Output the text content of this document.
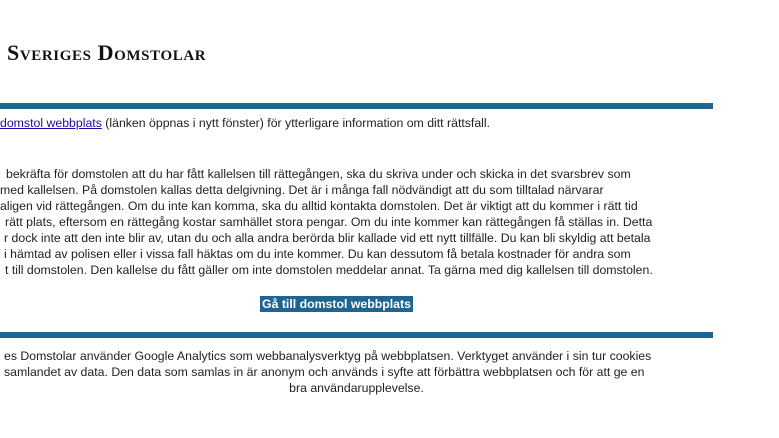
Sveriges Domstolar
domstol webbplats (länken öppnas i nytt fönster) för ytterligare information om ditt rättsfall.
bekräfta för domstolen att du har fått kallelsen till rättegången, ska du skriva under och skicka in det svarsbrev som
med kallelsen. På domstolen kallas detta delgivning. Det är i många fall nödvändigt att du som tilltalad närvarar
aligen vid rättegången. Om du inte kan komma, ska du alltid kontakta domstolen. Det är viktigt att du kommer i rätt tid
rätt plats, eftersom en rättegång kostar samhället stora pengar. Om du inte kommer kan rättegången få ställas in. Detta
r dock inte att den inte blir av, utan du och alla andra berörda blir kallade vid ett nytt tillfälle. Du kan bli skyldig att betala
i hämtad av polisen eller i vissa fall häktas om du inte kommer. Du kan dessutom få betala kostnader för andra som
t till domstolen. Den kallelse du fått gäller om inte domstolen meddelar annat. Ta gärna med dig kallelsen till domstolen.
Gå till domstol webbplats
es Domstolar använder Google Analytics som webbanalysverktyg på webbplatsen. Verktyget använder i sin tur cookies
samlandet av data. Den data som samlas in är anonym och används i syfte att förbättra webbplatsen och för att ge en
bra användarupplevelse.
